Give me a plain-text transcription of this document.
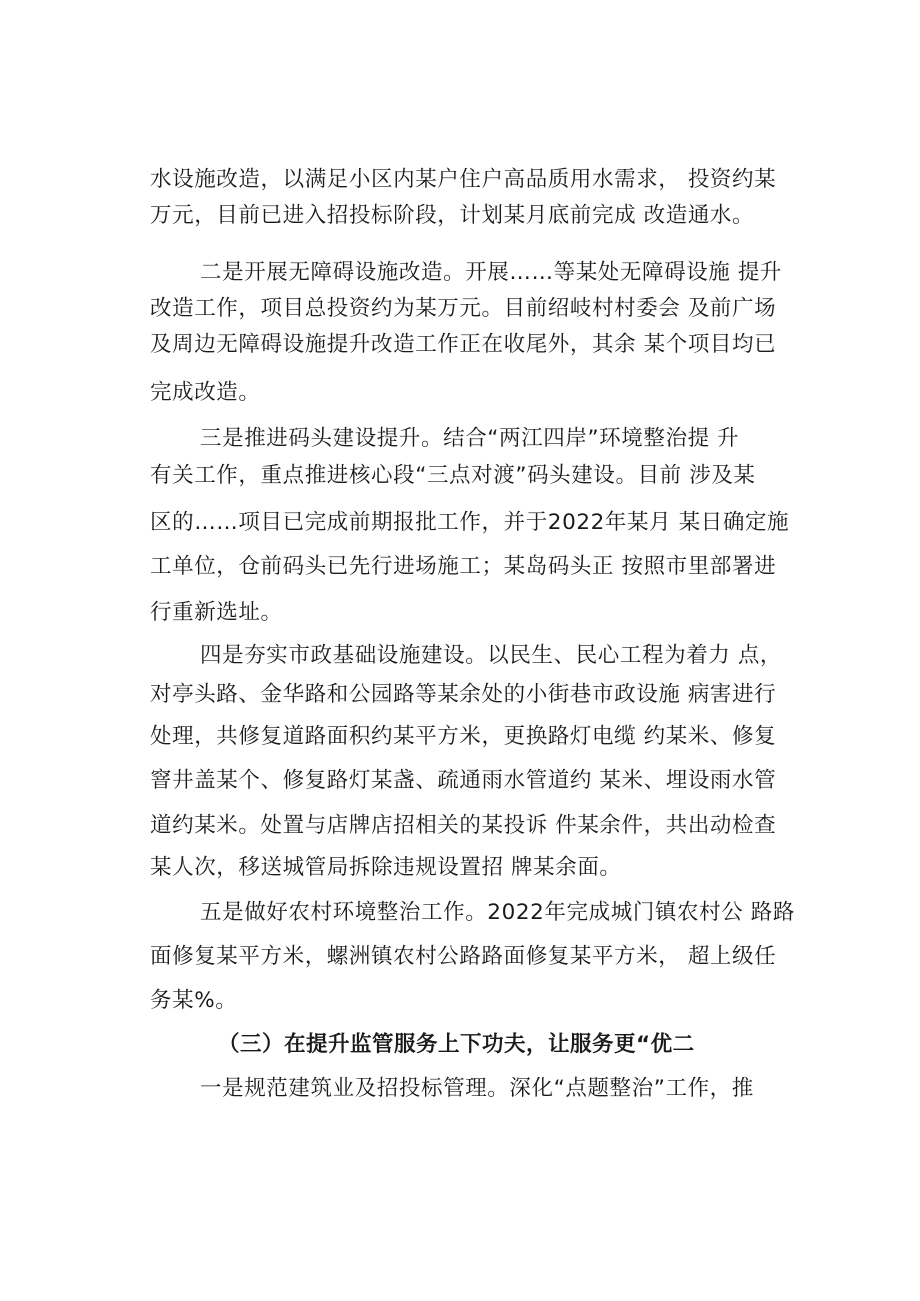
水设施改造，以满足小区内某户住户高品质用水需求， 投资约某
万元，目前已进入招投标阶段，计划某月底前完成 改造通水。
二是开展无障碍设施改造。开展……等某处无障碍设施 提升
改造工作，项目总投资约为某万元。目前绍岐村村委会 及前广场
及周边无障碍设施提升改造工作正在收尾外，其余 某个项目均已
完成改造。
三是推进码头建设提升。结合“两江四岸”环境整治提 升
有关工作，重点推进核心段“三点对渡”码头建设。目前 涉及某
区的……项目已完成前期报批工作，并于2022年某月 某日确定施
工单位，仓前码头已先行进场施工；某岛码头正 按照市里部署进
行重新选址。
四是夯实市政基础设施建设。以民生、民心工程为着力 点，
对亭头路、金华路和公园路等某余处的小街巷市政设施 病害进行
处理，共修复道路面积约某平方米，更换路灯电缆 约某米、修复
窨井盖某个、修复路灯某盏、疏通雨水管道约 某米、埋设雨水管
道约某米。处置与店牌店招相关的某投诉 件某余件，共出动检查
某人次，移送城管局拆除违规设置招 牌某余面。
五是做好农村环境整治工作。2022年完成城门镇农村公 路路
面修复某平方米，螺洲镇农村公路路面修复某平方米， 超上级任
务某%。
（三）在提升监管服务上下功夫，让服务更“优二
一是规范建筑业及招投标管理。深化“点题整治”工作，推
